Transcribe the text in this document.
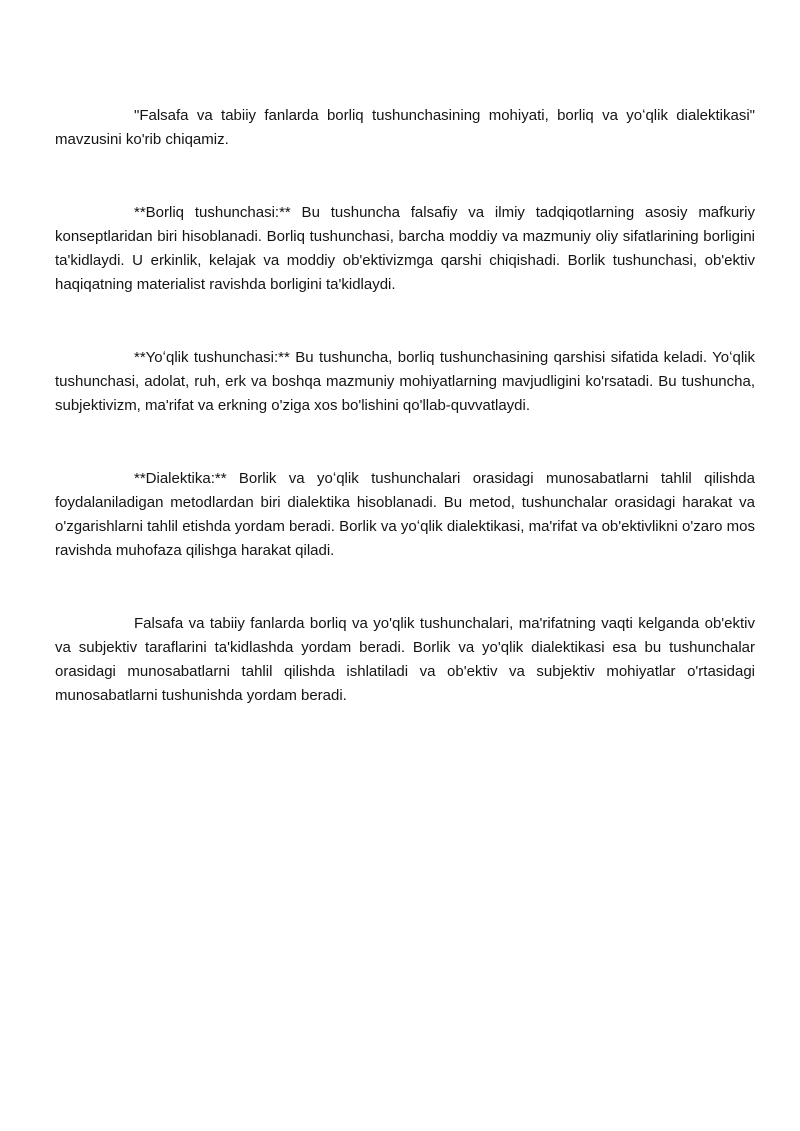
"Falsafa va tabiiy fanlarda borliq tushunchasining mohiyati, borliq va yoʻqlik dialektikasi" mavzusini ko'rib chiqamiz.

**Borliq tushunchasi:** Bu tushuncha falsafiy va ilmiy tadqiqotlarning asosiy mafkuriy konseptlaridan biri hisoblanadi. Borliq tushunchasi, barcha moddiy va mazmuniy oliy sifatlarining borligini ta'kidlaydi. U erkinlik, kelajak va moddiy ob'ektivizmga qarshi chiqishadi. Borlik tushunchasi, ob'ektiv haqiqatning materialist ravishda borligini ta'kidlaydi.

**Yoʻqlik tushunchasi:** Bu tushuncha, borliq tushunchasining qarshisi sifatida keladi. Yoʻqlik tushunchasi, adolat, ruh, erk va boshqa mazmuniy mohiyatlarning mavjudligini ko'rsatadi. Bu tushuncha, subjektivizm, ma'rifat va erkning o'ziga xos bo'lishini qo'llab-quvvatlaydi.

**Dialektika:** Borlik va yoʻqlik tushunchalari orasidagi munosabatlarni tahlil qilishda foydalaniladigan metodlardan biri dialektika hisoblanadi. Bu metod, tushunchalar orasidagi harakat va o'zgarishlarni tahlil etishda yordam beradi. Borlik va yoʻqlik dialektikasi, ma'rifat va ob'ektivlikni o'zaro mos ravishda muhofaza qilishga harakat qiladi.

Falsafa va tabiiy fanlarda borliq va yo'qlik tushunchalari, ma'rifatning vaqti kelganda ob'ektiv va subjektiv taraflarini ta'kidlashda yordam beradi. Borlik va yo'qlik dialektikasi esa bu tushunchalar orasidagi munosabatlarni tahlil qilishda ishlatiladi va ob'ektiv va subjektiv mohiyatlar o'rtasidagi munosabatlarni tushunishda yordam beradi.
